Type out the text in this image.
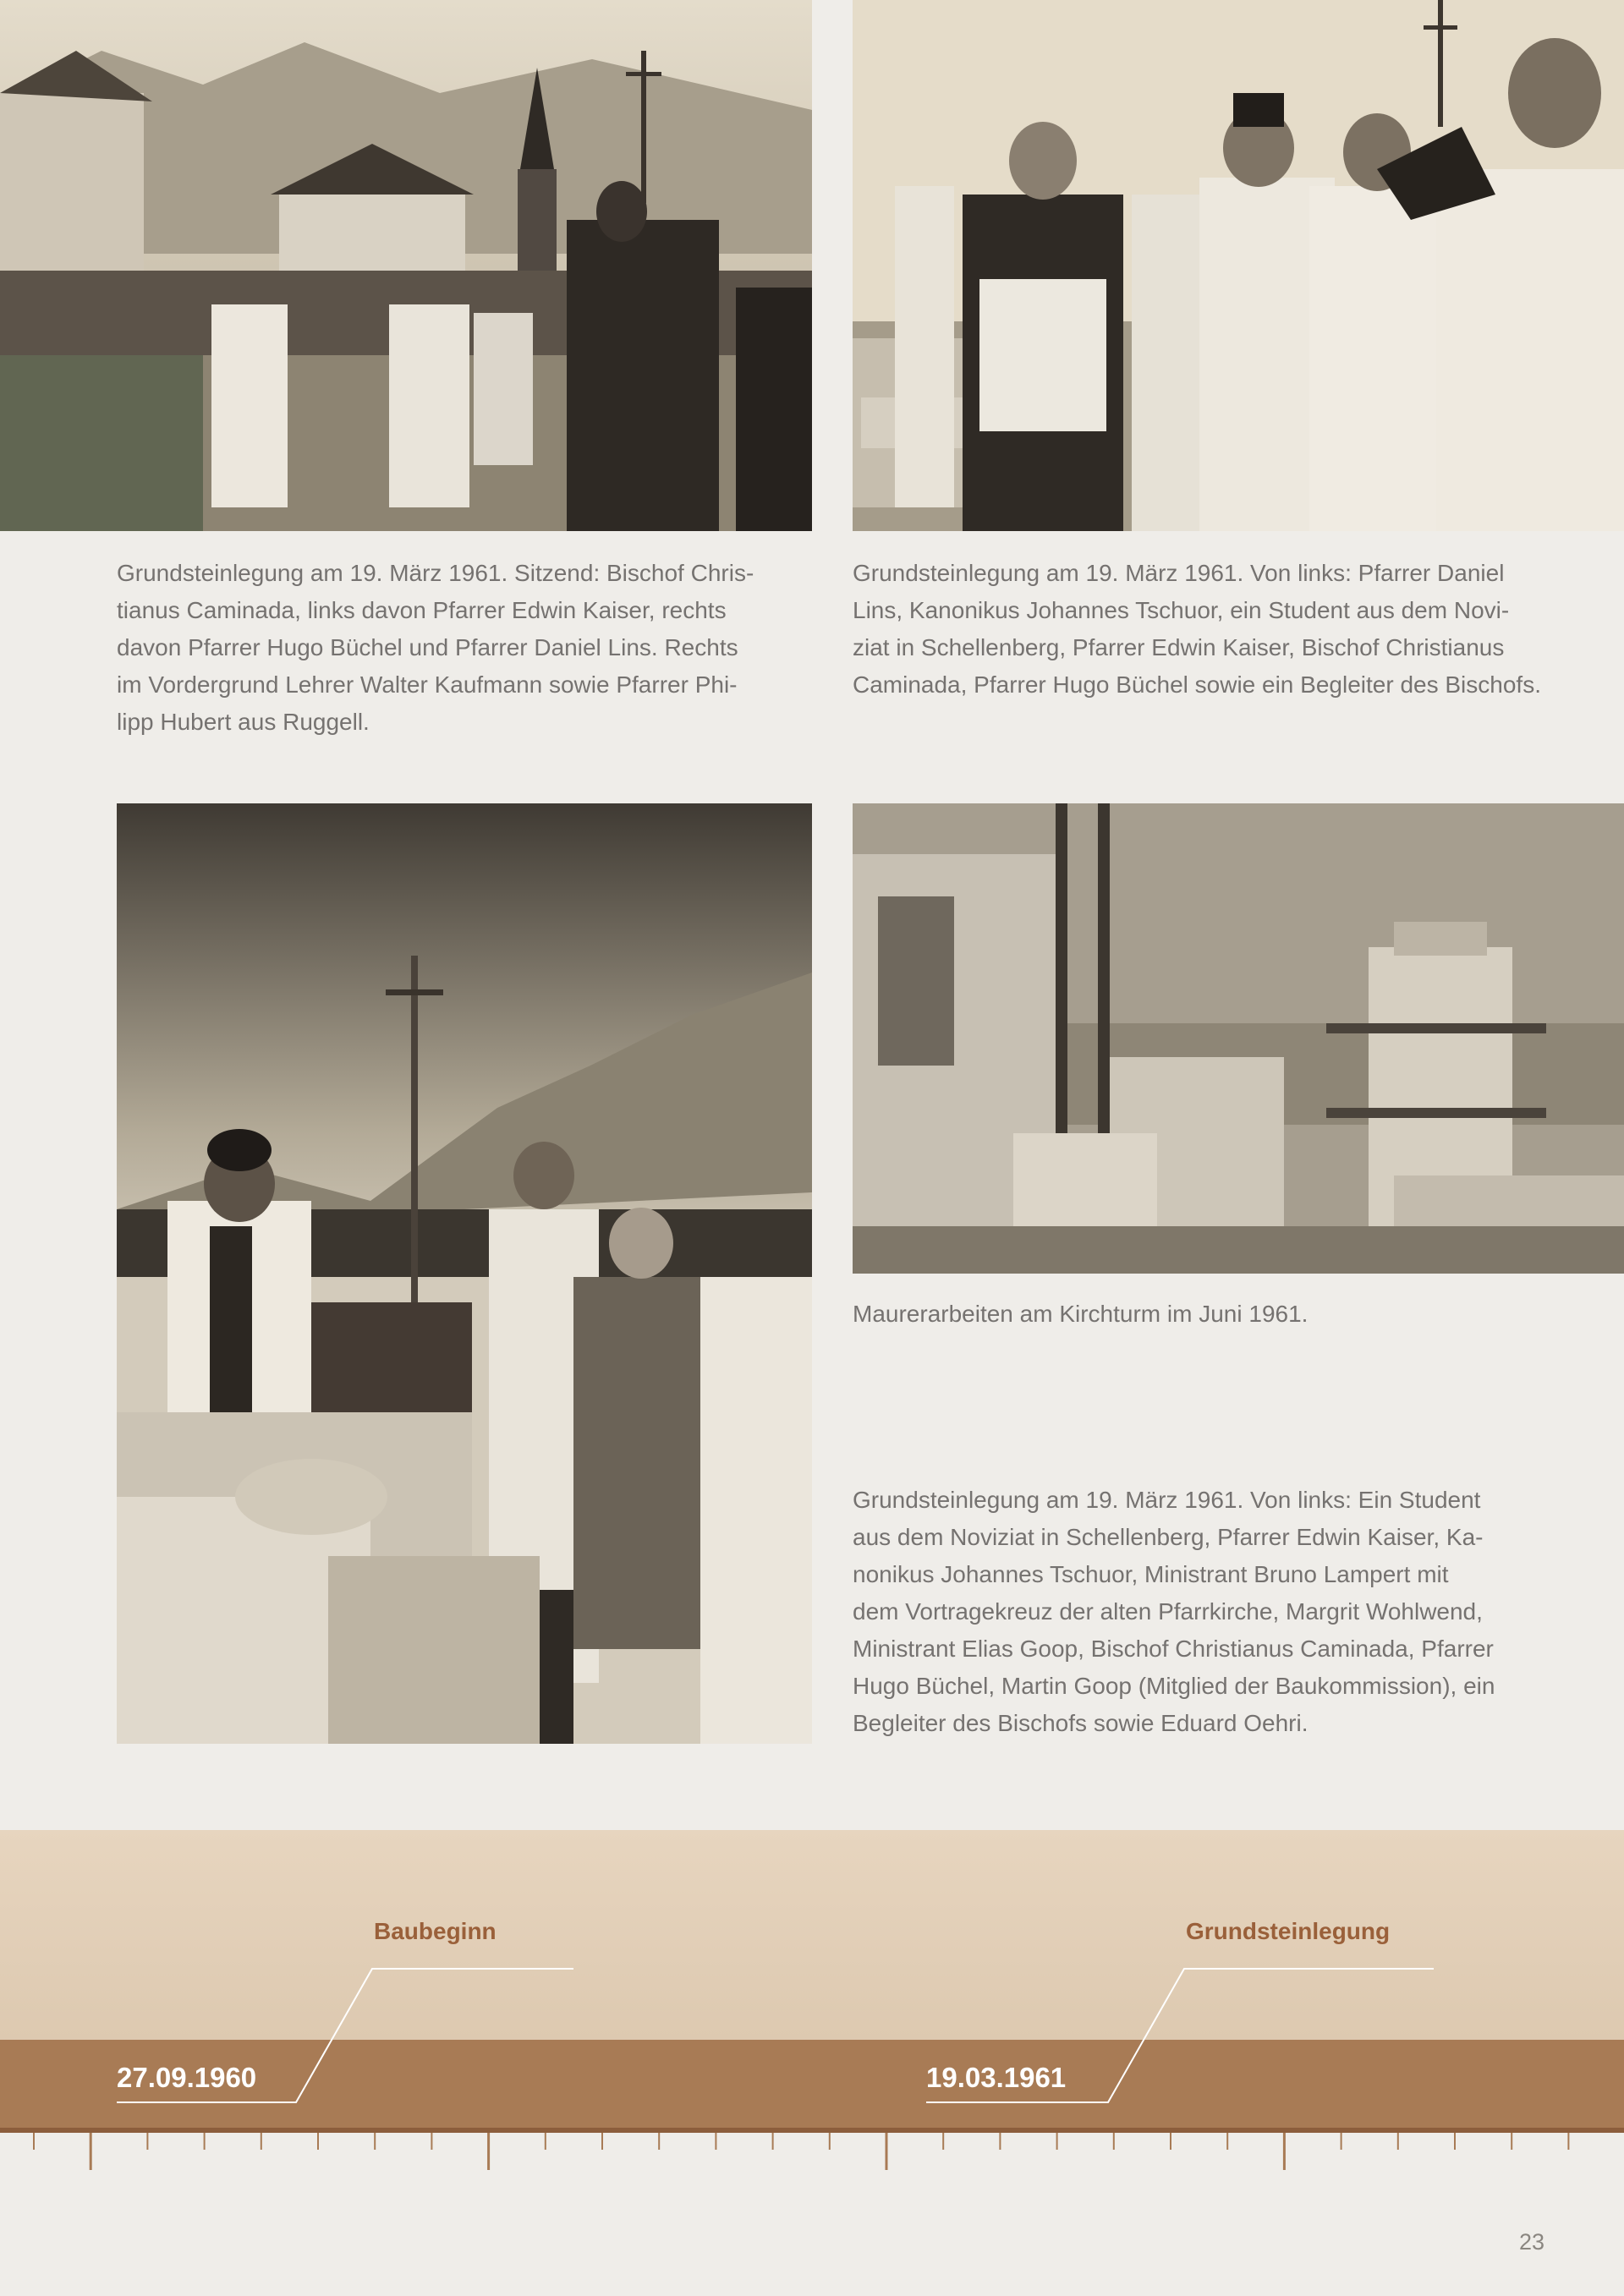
Grundsteinlegung am 19. März 1961. Sitzend: Bischof Chris-
tianus Caminada, links davon Pfarrer Edwin Kaiser, rechts
davon Pfarrer Hugo Büchel und Pfarrer Daniel Lins. Rechts
im Vordergrund Lehrer Walter Kaufmann sowie Pfarrer Phi-
lipp Hubert aus Ruggell.
Grundsteinlegung am 19. März 1961. Von links: Pfarrer Daniel
Lins, Kanonikus Johannes Tschuor, ein Student aus dem Novi-
ziat in Schellenberg, Pfarrer Edwin Kaiser, Bischof Christianus
Caminada, Pfarrer Hugo Büchel sowie ein Begleiter des Bischofs.
Maurerarbeiten am Kirchturm im Juni 1961.
Grundsteinlegung am 19. März 1961. Von links: Ein Student
aus dem Noviziat in Schellenberg, Pfarrer Edwin Kaiser, Ka-
nonikus Johannes Tschuor, Ministrant Bruno Lampert mit
dem Vortragekreuz der alten Pfarrkirche, Margrit Wohlwend,
Ministrant Elias Goop, Bischof Christianus Caminada, Pfarrer
Hugo Büchel, Martin Goop (Mitglied der Baukommission), ein
Begleiter des Bischofs sowie Eduard Oehri.
Baubeginn	Grundsteinlegung
27.09.1960	19.03.1961
23
